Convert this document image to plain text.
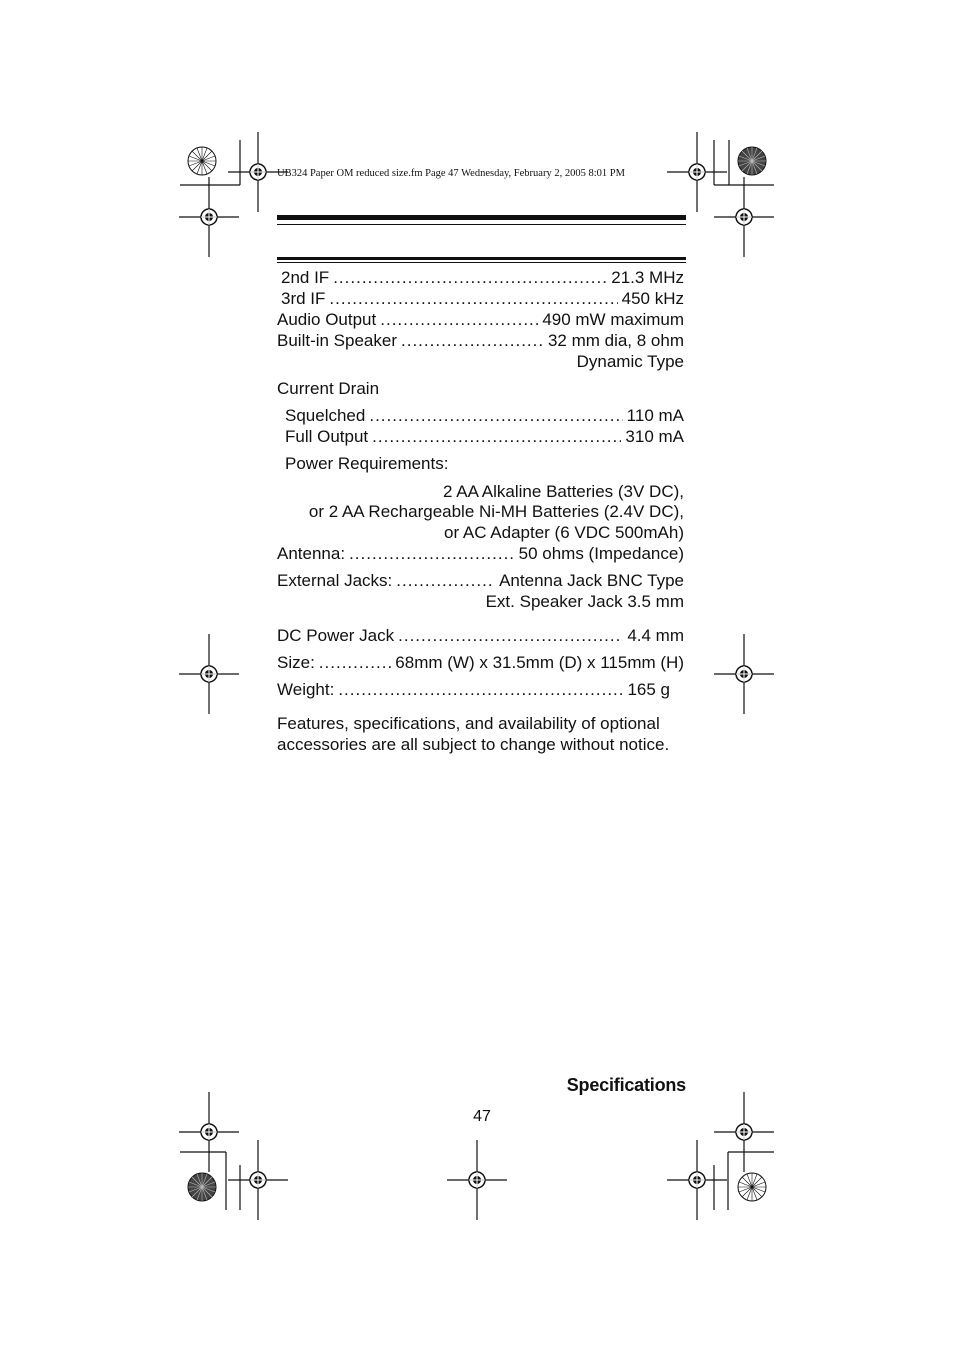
UB324 Paper OM reduced size.fm Page 47 Wednesday, February 2, 2005 8:01 PM
2nd IF .....	21.3 MHz
3rd IF .....	450 kHz
Audio Output .....	490 mW maximum
Built-in Speaker .....	32 mm dia, 8 ohm
Dynamic Type
Current Drain
Squelched .....	110 mA
Full Output .....	310 mA
Power Requirements:
2 AA Alkaline Batteries (3V DC),
or 2 AA Rechargeable Ni-MH Batteries (2.4V DC),
or AC Adapter (6 VDC 500mAh)
Antenna: .....	50 ohms (Impedance)
External Jacks: .....	Antenna Jack BNC Type
Ext. Speaker Jack 3.5 mm
DC Power Jack .....	4.4 mm
Size: .....	68mm (W) x 31.5mm (D) x 115mm (H)
Weight: .....	165 g
Features, specifications, and availability of optional
accessories are all subject to change without notice.
Specifications
47
